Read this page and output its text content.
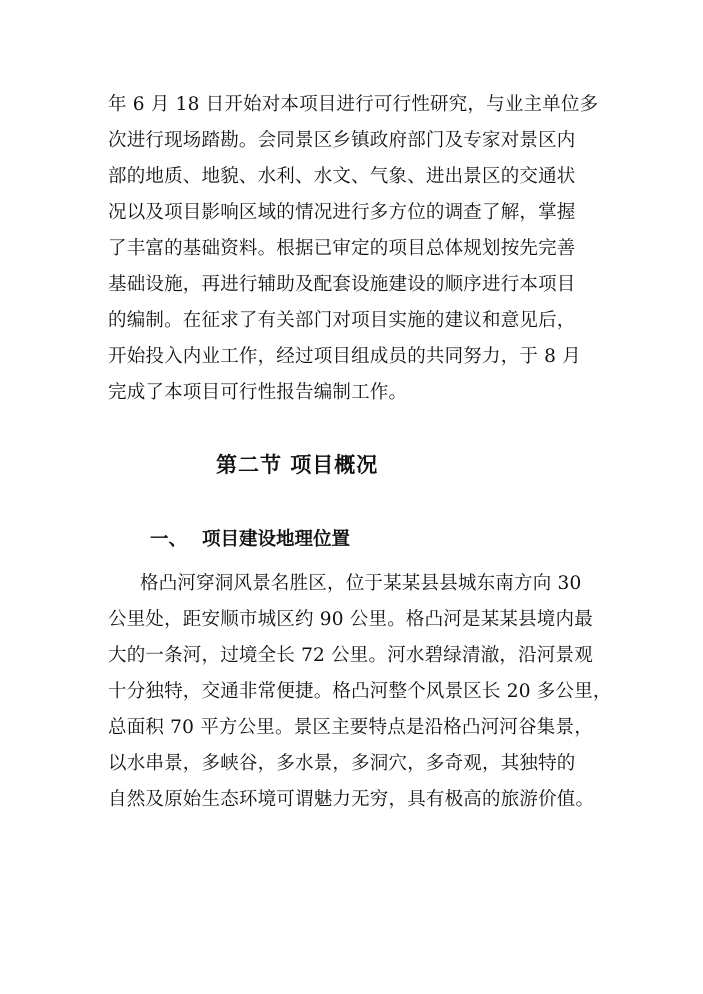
年 6 月 18 日开始对本项目进行可行性研究，与业主单位多
次进行现场踏勘。会同景区乡镇政府部门及专家对景区内
部的地质、地貌、水利、水文、气象、进出景区的交通状
况以及项目影响区域的情况进行多方位的调查了解，掌握
了丰富的基础资料。根据已审定的项目总体规划按先完善
基础设施，再进行辅助及配套设施建设的顺序进行本项目
的编制。在征求了有关部门对项目实施的建议和意见后，
开始投入内业工作，经过项目组成员的共同努力，于 8 月
完成了本项目可行性报告编制工作。
第二节 项目概况
一、 项目建设地理位置
格凸河穿洞风景名胜区，位于某某县县城东南方向 30
公里处，距安顺市城区约 90 公里。格凸河是某某县境内最
大的一条河，过境全长 72 公里。河水碧绿清澈，沿河景观
十分独特，交通非常便捷。格凸河整个风景区长 20 多公里，
总面积 70 平方公里。景区主要特点是沿格凸河河谷集景，
以水串景，多峡谷，多水景，多洞穴，多奇观，其独特的
自然及原始生态环境可谓魅力无穷，具有极高的旅游价值。
